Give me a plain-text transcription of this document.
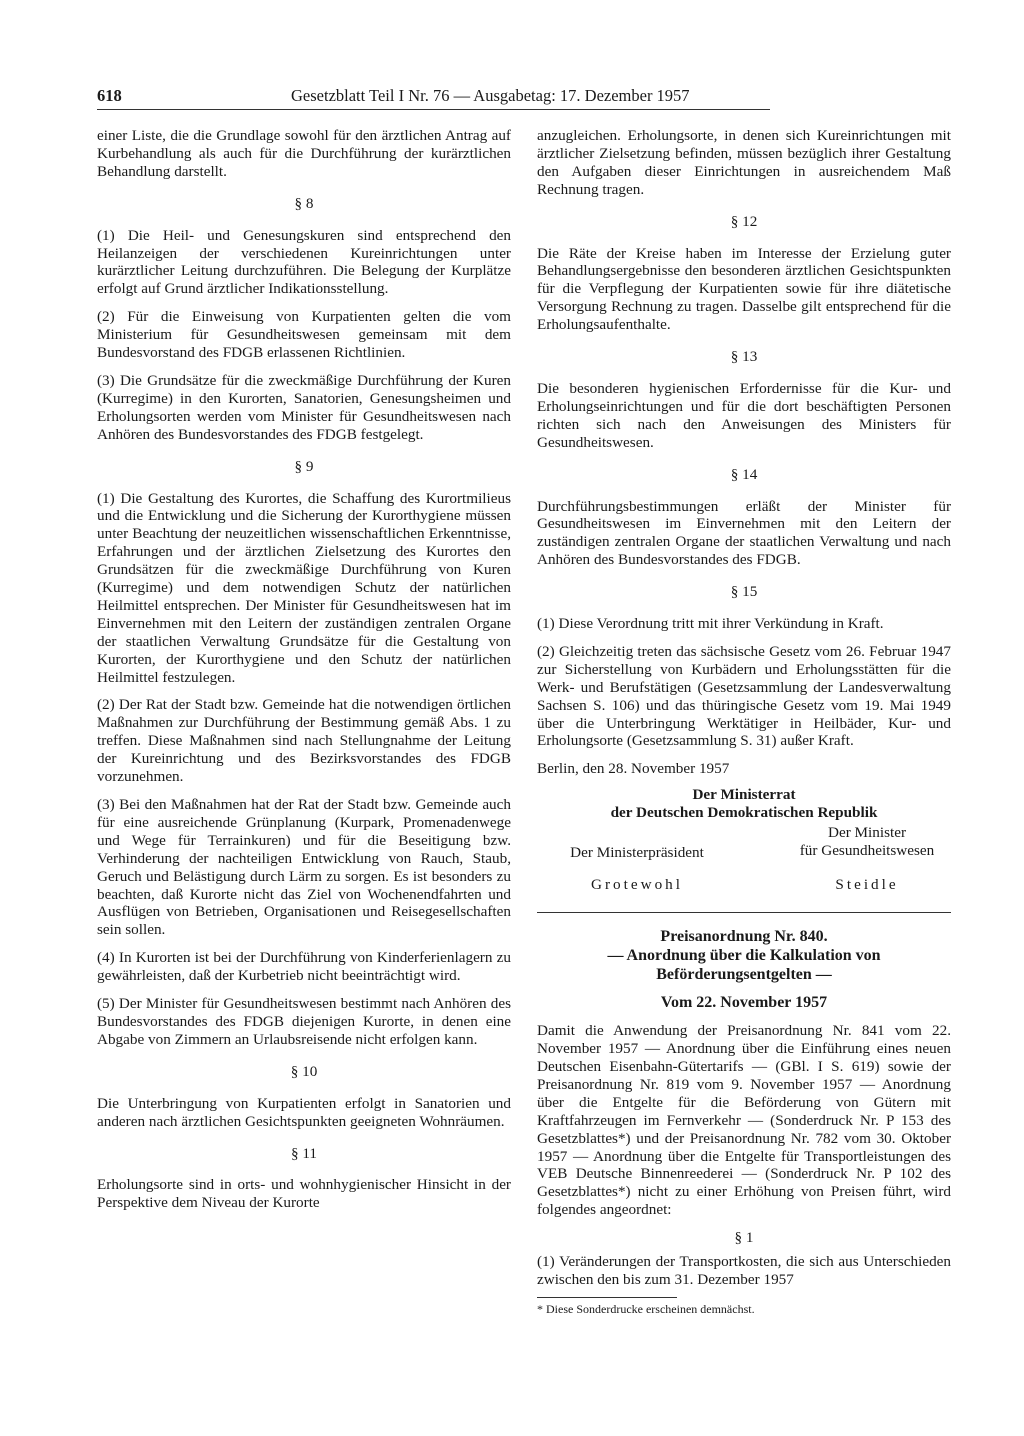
618	Gesetzblatt Teil I Nr. 76 — Ausgabetag: 17. Dezember 1957

einer Liste, die die Grundlage sowohl für den ärztlichen Antrag auf Kurbehandlung als auch für die Durchführung der kurärztlichen Behandlung darstellt.

§ 8

(1) Die Heil- und Genesungskuren sind entsprechend den Heilanzeigen der verschiedenen Kureinrichtungen unter kurärztlicher Leitung durchzuführen. Die Belegung der Kurplätze erfolgt auf Grund ärztlicher Indikationsstellung.

(2) Für die Einweisung von Kurpatienten gelten die vom Ministerium für Gesundheitswesen gemeinsam mit dem Bundesvorstand des FDGB erlassenen Richtlinien.

(3) Die Grundsätze für die zweckmäßige Durchführung der Kuren (Kurregime) in den Kurorten, Sanatorien, Genesungsheimen und Erholungsorten werden vom Minister für Gesundheitswesen nach Anhören des Bundesvorstandes des FDGB festgelegt.

§ 9

(1) Die Gestaltung des Kurortes, die Schaffung des Kurortmilieus und die Entwicklung und die Sicherung der Kurorthygiene müssen unter Beachtung der neuzeitlichen wissenschaftlichen Erkenntnisse, Erfahrungen und der ärztlichen Zielsetzung des Kurortes den Grundsätzen für die zweckmäßige Durchführung von Kuren (Kurregime) und dem notwendigen Schutz der natürlichen Heilmittel entsprechen. Der Minister für Gesundheitswesen hat im Einvernehmen mit den Leitern der zuständigen zentralen Organe der staatlichen Verwaltung Grundsätze für die Gestaltung von Kurorten, der Kurorthygiene und den Schutz der natürlichen Heilmittel festzulegen.

(2) Der Rat der Stadt bzw. Gemeinde hat die notwendigen örtlichen Maßnahmen zur Durchführung der Bestimmung gemäß Abs. 1 zu treffen. Diese Maßnahmen sind nach Stellungnahme der Leitung der Kureinrichtung und des Bezirksvorstandes des FDGB vorzunehmen.

(3) Bei den Maßnahmen hat der Rat der Stadt bzw. Gemeinde auch für eine ausreichende Grünplanung (Kurpark, Promenadenwege und Wege für Terrainkuren) und für die Beseitigung bzw. Verhinderung der nachteiligen Entwicklung von Rauch, Staub, Geruch und Belästigung durch Lärm zu sorgen. Es ist besonders zu beachten, daß Kurorte nicht das Ziel von Wochenendfahrten und Ausflügen von Betrieben, Organisationen und Reisegesellschaften sein sollen.

(4) In Kurorten ist bei der Durchführung von Kinderferienlagern zu gewährleisten, daß der Kurbetrieb nicht beeinträchtigt wird.

(5) Der Minister für Gesundheitswesen bestimmt nach Anhören des Bundesvorstandes des FDGB diejenigen Kurorte, in denen eine Abgabe von Zimmern an Urlaubsreisende nicht erfolgen kann.

§ 10

Die Unterbringung von Kurpatienten erfolgt in Sanatorien und anderen nach ärztlichen Gesichtspunkten geeigneten Wohnräumen.

§ 11

Erholungsorte sind in orts- und wohnhygienischer Hinsicht in der Perspektive dem Niveau der Kurorte

anzugleichen. Erholungsorte, in denen sich Kureinrichtungen mit ärztlicher Zielsetzung befinden, müssen bezüglich ihrer Gestaltung den Aufgaben dieser Einrichtungen in ausreichendem Maß Rechnung tragen.

§ 12

Die Räte der Kreise haben im Interesse der Erzielung guter Behandlungsergebnisse den besonderen ärztlichen Gesichtspunkten für die Verpflegung der Kurpatienten sowie für ihre diätetische Versorgung Rechnung zu tragen. Dasselbe gilt entsprechend für die Erholungsaufenthalte.

§ 13

Die besonderen hygienischen Erfordernisse für die Kur- und Erholungseinrichtungen und für die dort beschäftigten Personen richten sich nach den Anweisungen des Ministers für Gesundheitswesen.

§ 14

Durchführungsbestimmungen erläßt der Minister für Gesundheitswesen im Einvernehmen mit den Leitern der zuständigen zentralen Organe der staatlichen Verwaltung und nach Anhören des Bundesvorstandes des FDGB.

§ 15

(1) Diese Verordnung tritt mit ihrer Verkündung in Kraft.

(2) Gleichzeitig treten das sächsische Gesetz vom 26. Februar 1947 zur Sicherstellung von Kurbädern und Erholungsstätten für die Werk- und Berufstätigen (Gesetzsammlung der Landesverwaltung Sachsen S. 106) und das thüringische Gesetz vom 19. Mai 1949 über die Unterbringung Werktätiger in Heilbäder, Kur- und Erholungsorte (Gesetzsammlung S. 31) außer Kraft.

Berlin, den 28. November 1957
Der Ministerrat
der Deutschen Demokratischen Republik
Der Ministerpräsident
Der Minister
für Gesundheitswesen
Grotewohl	Steidle
Preisanordnung Nr. 840.
— Anordnung über die Kalkulation von
Beförderungsentgelten —
Vom 22. November 1957

Damit die Anwendung der Preisanordnung Nr. 841 vom 22. November 1957 — Anordnung über die Einführung eines neuen Deutschen Eisenbahn-Gütertarifs — (GBl. I S. 619) sowie der Preisanordnung Nr. 819 vom 9. November 1957 — Anordnung über die Entgelte für die Beförderung von Gütern mit Kraftfahrzeugen im Fernverkehr — (Sonderdruck Nr. P 153 des Gesetzblattes*) und der Preisanordnung Nr. 782 vom 30. Oktober 1957 — Anordnung über die Entgelte für Transportleistungen des VEB Deutsche Binnenreederei — (Sonderdruck Nr. P 102 des Gesetzblattes*) nicht zu einer Erhöhung von Preisen führt, wird folgendes angeordnet:

§ 1

(1) Veränderungen der Transportkosten, die sich aus Unterschieden zwischen den bis zum 31. Dezember 1957

* Diese Sonderdrucke erscheinen demnächst.
